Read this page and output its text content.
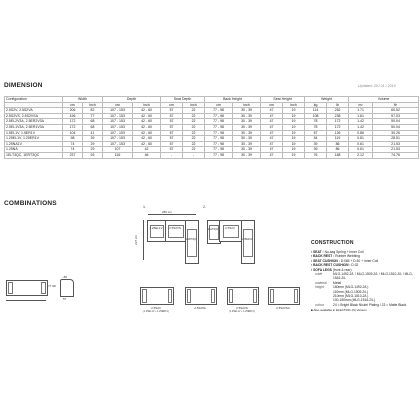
DIMENSION	Updated: 29 / 01 / 2019
Configuration	Width		Depth		Seat Depth		Back Height		Seat Height		Weight		Volume	
	cm	inch	cm	inch	cm	inch	cm	inch	cm	inch	kg	lb	m³	ft³
2.5S2V, 2.5S2VA	206	82	107 - 153	42 - 60	57	22	77 - 98	30 - 39	47	19	114	252	1.71	60.52
2.5S2VS, 2.5S2VSA	196	77	107 - 153	42 - 60	57	22	77 - 98	30 - 39	47	19	108	238	1.61	57.03
2.5EL2V3A, 2.5ER2V3A	172	68	107 - 153	42 - 60	57	22	77 - 98	30 - 39	47	19	78	172	1.42	50.04
2.5EL1V3A, 2.5ER1V3A	172	68	107 - 153	42 - 60	57	22	77 - 98	30 - 39	47	19	78	172	1.42	50.04
1.5EL1V, 1.5ER1V	104	41	107 - 153	42 - 60	57	22	77 - 98	30 - 39	47	19	57	126	0.86	30.26
1.25EL1V, 1.25ER1V	98	39	107 - 153	42 - 60	57	22	77 - 98	30 - 39	47	19	54	119	0.81	28.51
1.25NA1V	74	29	107 - 153	42 - 60	57	22	77 - 98	30 - 39	47	19	39	86	0.61	21.53
1.25NA	74	29	107	42	57	22	77 - 98	30 - 39	47	19	39	86	0.61	21.53
1ELT3QC, 1ERT3QC	237	93	116	46	-	-	77 - 98	30 - 39	47	19	76	168	2.12	74.76
COMBINATIONS	1.
286 cm
237 cm
1.25EL1V	2.5S2VS
1ERT3QC
2.
1ELT3QC	2.5S2V
1.25ER1V
~50
77-98
57
2.5S2V
(1.25EL1V + 1.25ER1V)
2.5S2VA	2.5S2VS
(1.25EL1V + 1.25ER1V)
2.5S2VSA
CONSTRUCTION
▪ SEAT : No-sag Spring + Inner Coil
▪ BACK REST : Rubber Webbing
▪ SEAT CUSHION : D:065 + D:30 + Inner Coil
▪ BACK REST CUSHION : D:32
▪ SOFA LEGS (front & rear):
code	MLG-1492-2/L / MLG-1509-2/L / MLG-1510-2/L / MLG-1516-2/L
material	Metal
height	160mm (MLG-1492-2/L)
110mm (MLG-1509-2/L)
210mm (MLG-1510-2/L)
100-150mm (MLG-1516-2/L)
colour	24 = Bright Black Nickel Plating / 23 = Matte Black
■ Also available in ELECTRIC (N) Version
